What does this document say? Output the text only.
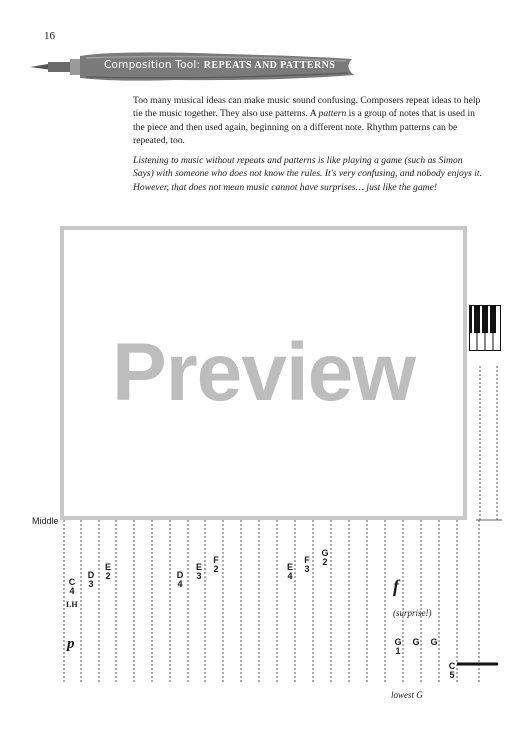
16
Composition Tool: REPEATS AND PATTERNS

Too many musical ideas can make music sound confusing. Composers repeat ideas to help tie the music together. They also use patterns. A pattern is a group of notes that is used in the piece and then used again, beginning on a different note. Rhythm patterns can be repeated, too.

Listening to music without repeats and patterns is like playing a game (such as Simon Says) with someone who does not know the rules. It's very confusing, and nobody enjoys it. However, that does not mean music cannot have surprises… just like the game!

Preview
Middle
C
4
D
3
E
2	D
4
E
3
F
2	E
4
F
3
G
2
G
1
G G
C
5
LH
p
f
(surprise!)
lowest G
